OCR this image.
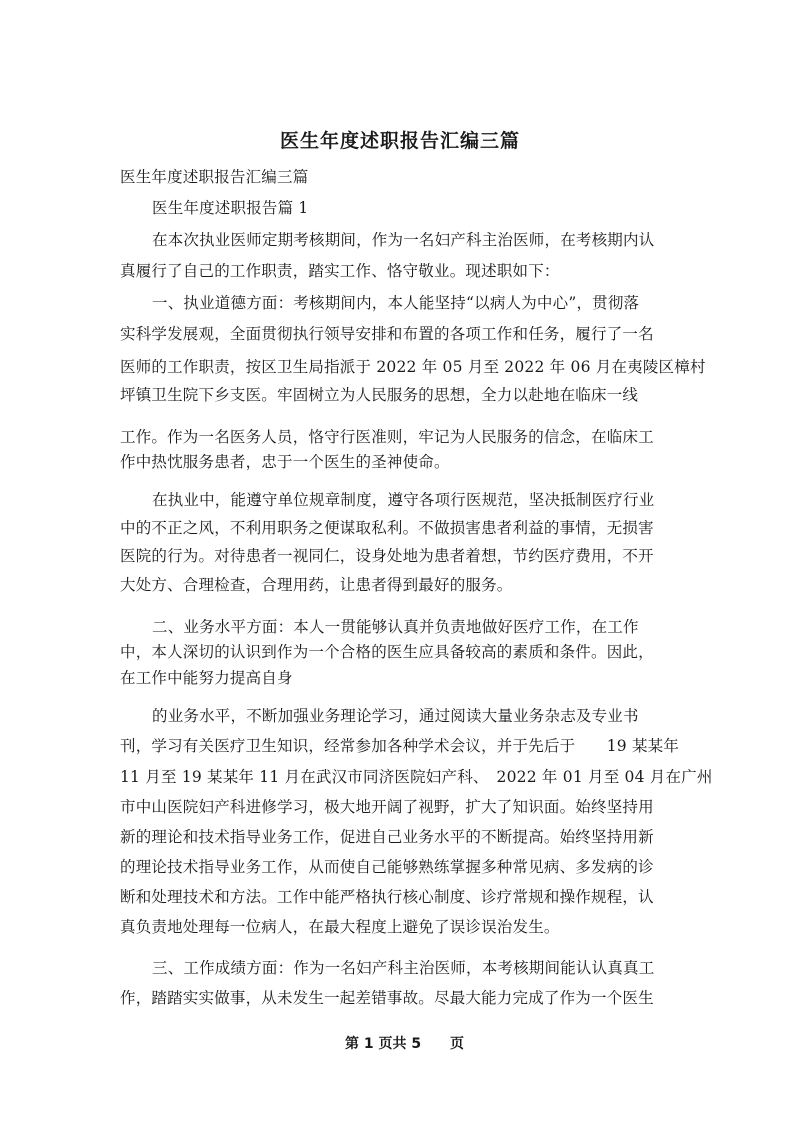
医生年度述职报告汇编三篇
医生年度述职报告汇编三篇
医生年度述职报告篇 1
在本次执业医师定期考核期间，作为一名妇产科主治医师，在考核期内认
真履行了自己的工作职责，踏实工作、恪守敬业。现述职如下：
一、执业道德方面：考核期间内，本人能坚持“以病人为中心”，贯彻落
实科学发展观，全面贯彻执行领导安排和布置的各项工作和任务，履行了一名
医师的工作职责，按区卫生局指派于 2022 年 05 月至 2022 年 06 月在夷陵区樟村
坪镇卫生院下乡支医。牢固树立为人民服务的思想，全力以赴地在临床一线
工作。作为一名医务人员，恪守行医准则，牢记为人民服务的信念，在临床工
作中热忱服务患者，忠于一个医生的圣神使命。
在执业中，能遵守单位规章制度，遵守各项行医规范，坚决抵制医疗行业
中的不正之风，不利用职务之便谋取私利。不做损害患者利益的事情，无损害
医院的行为。对待患者一视同仁，设身处地为患者着想，节约医疗费用，不开
大处方、合理检查，合理用药，让患者得到最好的服务。
二、业务水平方面：本人一贯能够认真并负责地做好医疗工作，在工作
中，本人深切的认识到作为一个合格的医生应具备较高的素质和条件。因此，
在工作中能努力提高自身
的业务水平，不断加强业务理论学习，通过阅读大量业务杂志及专业书
刊，学习有关医疗卫生知识，经常参加各种学术会议，并于先后于　　19 某某年
11 月至 19 某某年 11 月在武汉市同济医院妇产科、　2022 年 01 月至 04 月在广州
市中山医院妇产科进修学习，极大地开阔了视野，扩大了知识面。始终坚持用
新的理论和技术指导业务工作，促进自己业务水平的不断提高。始终坚持用新
的理论技术指导业务工作，从而使自己能够熟练掌握多种常见病、多发病的诊
断和处理技术和方法。工作中能严格执行核心制度、诊疗常规和操作规程，认
真负责地处理每一位病人，在最大程度上避免了误诊误治发生。
三、工作成绩方面：作为一名妇产科主治医师，本考核期间能认认真真工
作，踏踏实实做事，从未发生一起差错事故。尽最大能力完成了作为一个医生
第 1 页共 5 页
